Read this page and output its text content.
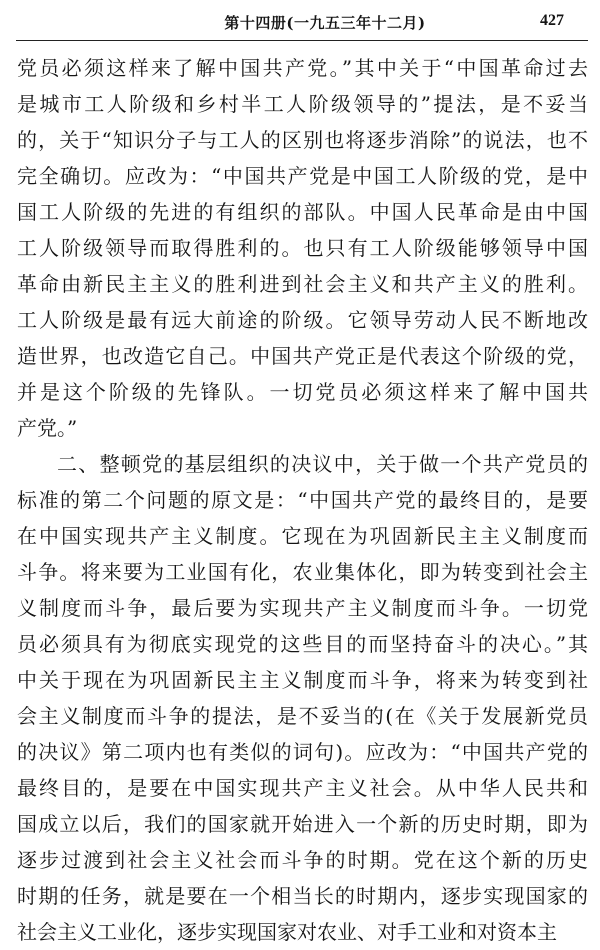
第十四册(一九五三年十二月)	427
党员必须这样来了解中国共产党。”其中关于“中国革命过去
是城市工人阶级和乡村半工人阶级领导的”提法，是不妥当
的，关于“知识分子与工人的区别也将逐步消除”的说法，也不
完全确切。应改为：“中国共产党是中国工人阶级的党，是中
国工人阶级的先进的有组织的部队。中国人民革命是由中国
工人阶级领导而取得胜利的。也只有工人阶级能够领导中国
革命由新民主主义的胜利进到社会主义和共产主义的胜利。
工人阶级是最有远大前途的阶级。它领导劳动人民不断地改
造世界，也改造它自己。中国共产党正是代表这个阶级的党，
并是这个阶级的先锋队。一切党员必须这样来了解中国共
产党。”
二、整顿党的基层组织的决议中，关于做一个共产党员的
标准的第二个问题的原文是：“中国共产党的最终目的，是要
在中国实现共产主义制度。它现在为巩固新民主主义制度而
斗争。将来要为工业国有化，农业集体化，即为转变到社会主
义制度而斗争，最后要为实现共产主义制度而斗争。一切党
员必须具有为彻底实现党的这些目的而坚持奋斗的决心。”其
中关于现在为巩固新民主主义制度而斗争，将来为转变到社
会主义制度而斗争的提法，是不妥当的(在《关于发展新党员
的决议》第二项内也有类似的词句)。应改为：“中国共产党的
最终目的，是要在中国实现共产主义社会。从中华人民共和
国成立以后，我们的国家就开始进入一个新的历史时期，即为
逐步过渡到社会主义社会而斗争的时期。党在这个新的历史
时期的任务，就是要在一个相当长的时期内，逐步实现国家的
社会主义工业化，逐步实现国家对农业、对手工业和对资本主
